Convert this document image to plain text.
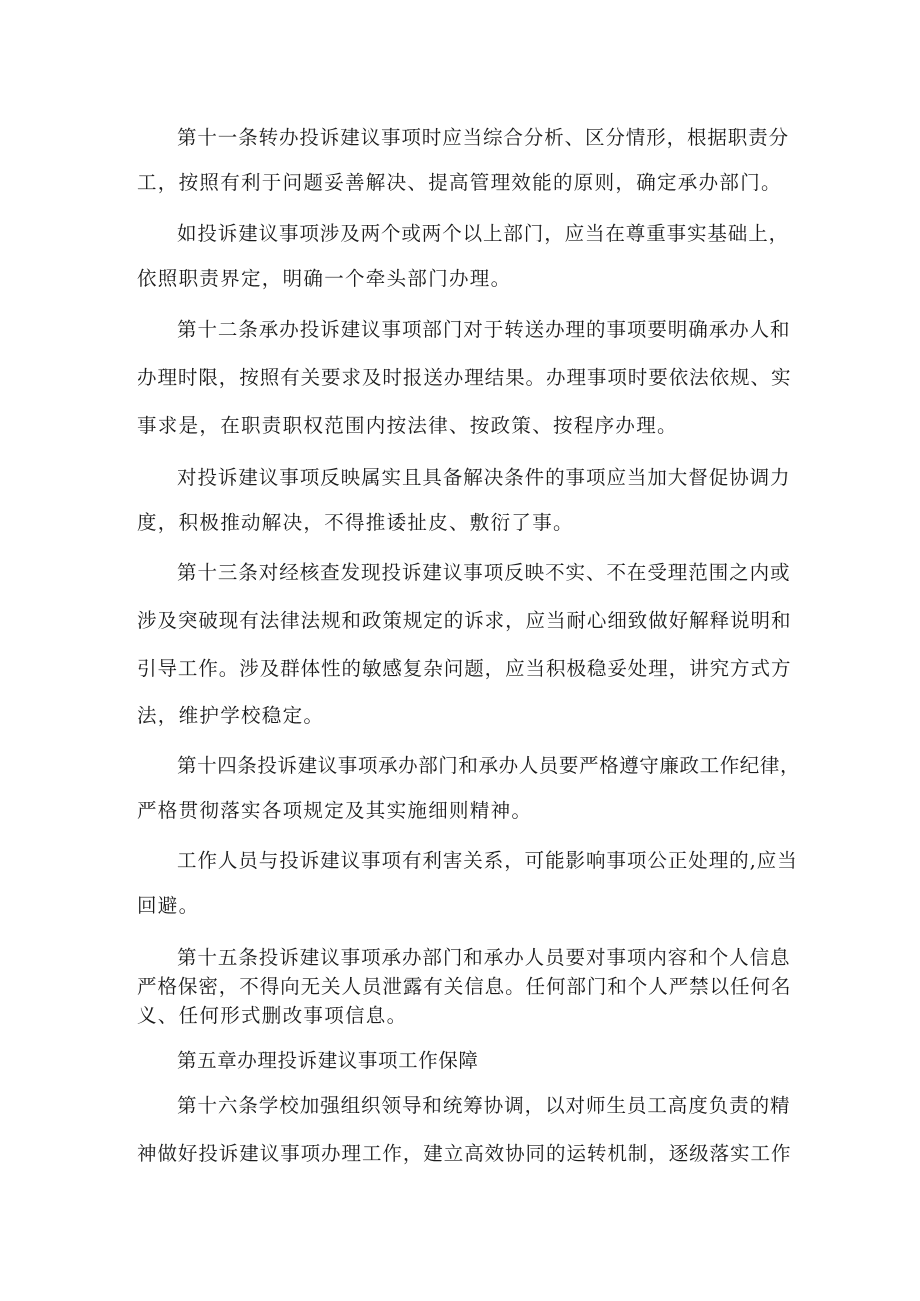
第十一条转办投诉建议事项时应当综合分析、区分情形，根据职责分
工，按照有利于问题妥善解决、提高管理效能的原则，确定承办部门。
如投诉建议事项涉及两个或两个以上部门，应当在尊重事实基础上，
依照职责界定，明确一个牵头部门办理。
第十二条承办投诉建议事项部门对于转送办理的事项要明确承办人和
办理时限，按照有关要求及时报送办理结果。办理事项时要依法依规、实
事求是，在职责职权范围内按法律、按政策、按程序办理。
对投诉建议事项反映属实且具备解决条件的事项应当加大督促协调力
度，积极推动解决，不得推诿扯皮、敷衍了事。
第十三条对经核查发现投诉建议事项反映不实、不在受理范围之内或
涉及突破现有法律法规和政策规定的诉求，应当耐心细致做好解释说明和
引导工作。涉及群体性的敏感复杂问题，应当积极稳妥处理，讲究方式方
法，维护学校稳定。
第十四条投诉建议事项承办部门和承办人员要严格遵守廉政工作纪律，
严格贯彻落实各项规定及其实施细则精神。
工作人员与投诉建议事项有利害关系，可能影响事项公正处理的,应当
回避。
第十五条投诉建议事项承办部门和承办人员要对事项内容和个人信息
严格保密，不得向无关人员泄露有关信息。任何部门和个人严禁以任何名
义、任何形式删改事项信息。
第五章办理投诉建议事项工作保障
第十六条学校加强组织领导和统筹协调，以对师生员工高度负责的精
神做好投诉建议事项办理工作，建立高效协同的运转机制，逐级落实工作
